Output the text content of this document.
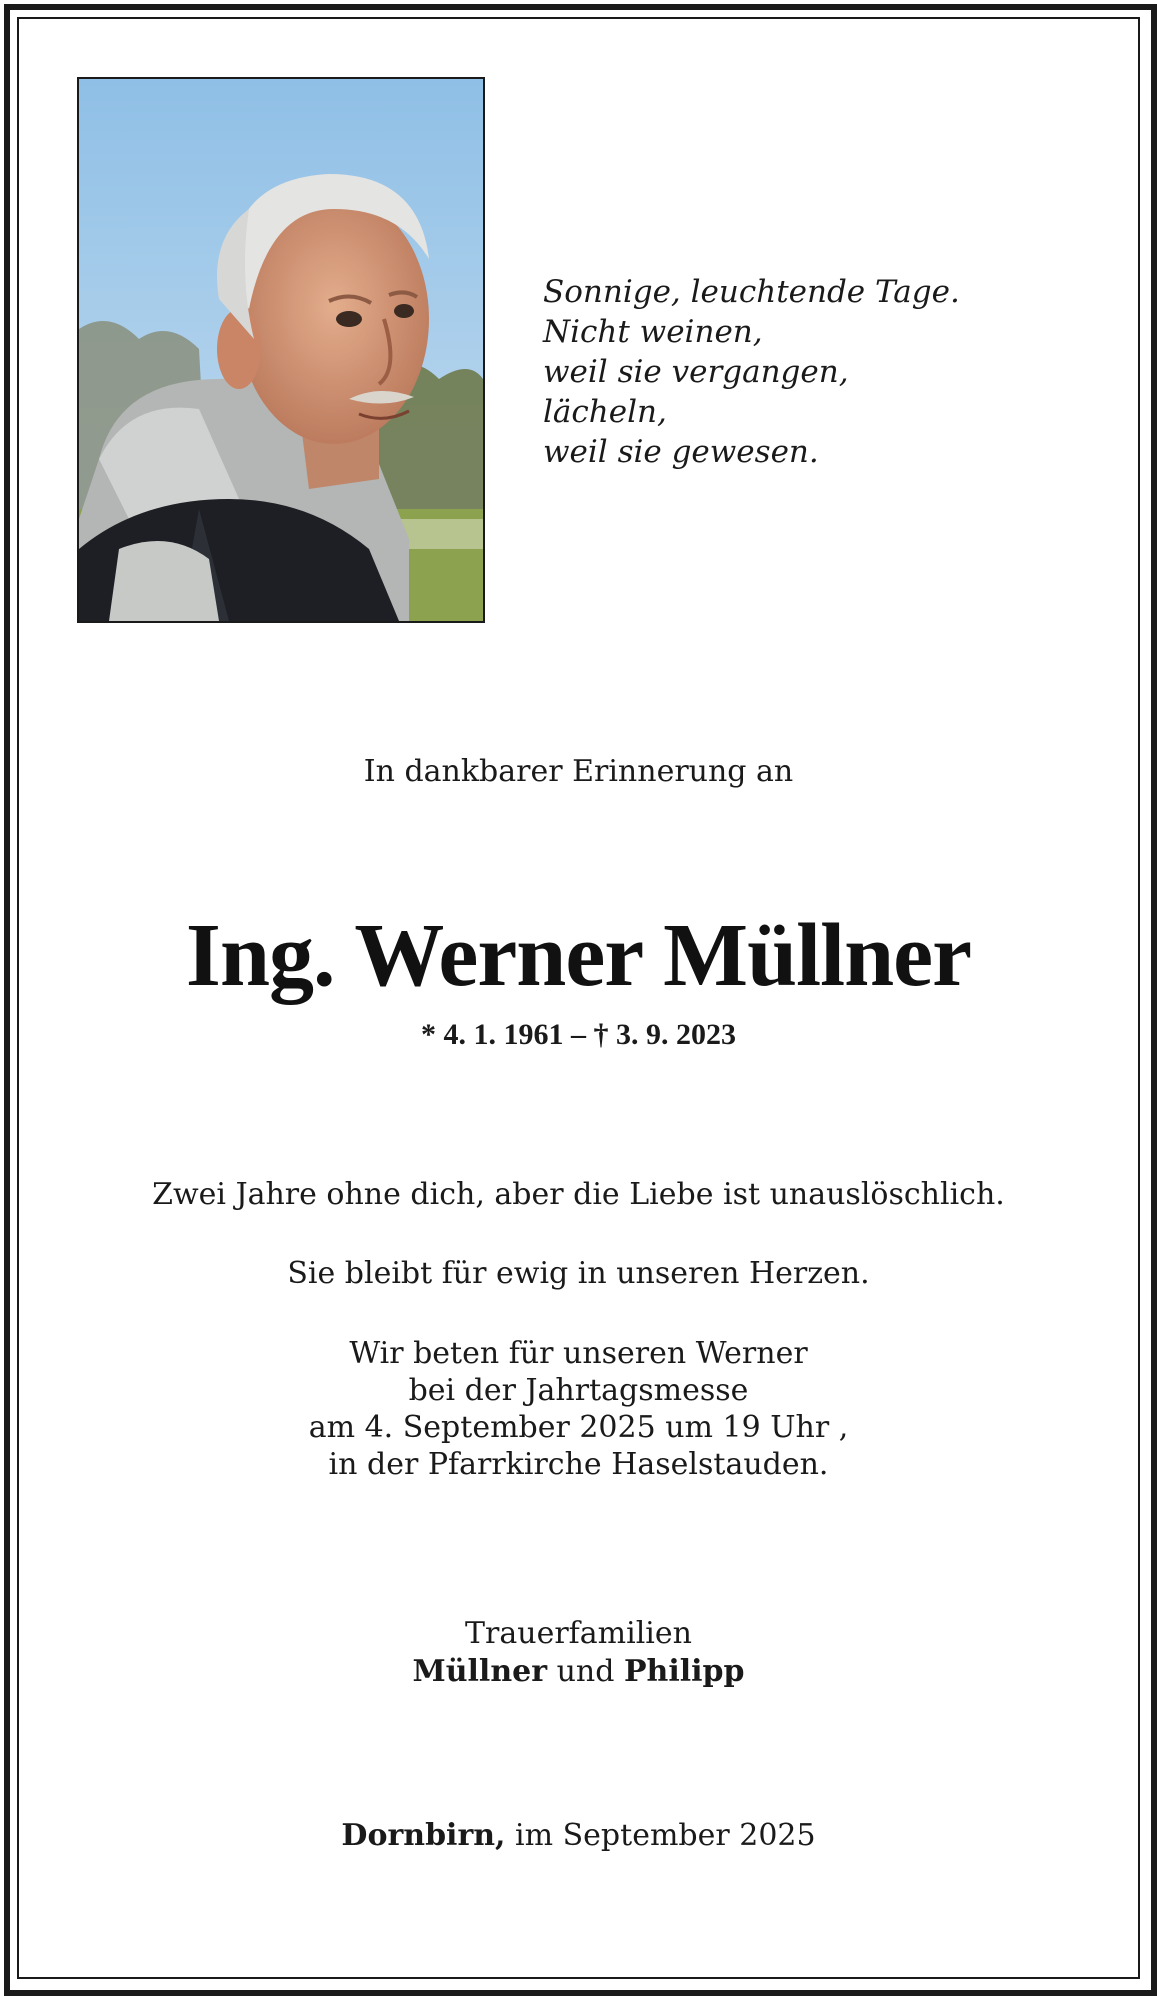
Sonnige, leuchtende Tage.
Nicht weinen,
weil sie vergangen,
lächeln,
weil sie gewesen.
In dankbarer Erinnerung an
Ing. Werner Müllner
* 4. 1. 1961 – † 3. 9. 2023
Zwei Jahre ohne dich, aber die Liebe ist unauslöschlich.
Sie bleibt für ewig in unseren Herzen.
Wir beten für unseren Werner
bei der Jahrtagsmesse
am 4. September 2025 um 19 Uhr ,
in der Pfarrkirche Haselstauden.
Trauerfamilien
Müllner und Philipp
Dornbirn, im September 2025
